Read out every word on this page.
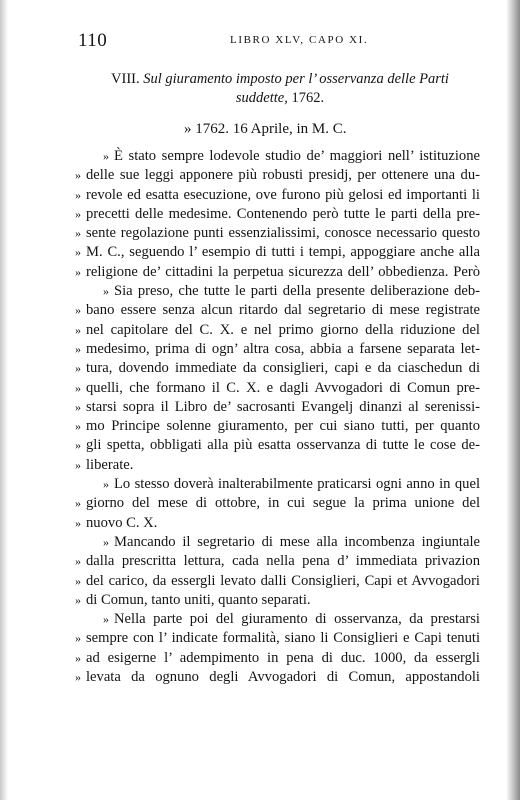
110	LIBRO XLV, CAPO XI.
VIII. Sul giuramento imposto per l’ osservanza delle Parti suddette, 1762.
» 1762. 16 Aprile, in M. C.
» È stato sempre lodevole studio de’ maggiori nell’ istituzione
» delle sue leggi apponere più robusti presidj, per ottenere una du-
» revole ed esatta esecuzione, ove furono più gelosi ed importanti li
» precetti delle medesime. Contenendo però tutte le parti della pre-
» sente regolazione punti essenzialissimi, conosce necessario questo
» M. C., seguendo l’ esempio di tutti i tempi, appoggiare anche alla
» religione de’ cittadini la perpetua sicurezza dell’ obbedienza. Però
» Sia preso, che tutte le parti della presente deliberazione deb-
» bano essere senza alcun ritardo dal segretario di mese registrate
» nel capitolare del C. X. e nel primo giorno della riduzione del
» medesimo, prima di ogn’ altra cosa, abbia a farsene separata let-
» tura, dovendo immediate da consiglieri, capi e da ciaschedun di
» quelli, che formano il C. X. e dagli Avvogadori di Comun pre-
» starsi sopra il Libro de’ sacrosanti Evangelj dinanzi al serenissi-
» mo Principe solenne giuramento, per cui siano tutti, per quanto
» gli spetta, obbligati alla più esatta osservanza di tutte le cose de-
» liberate.
» Lo stesso doverà inalterabilmente praticarsi ogni anno in quel
» giorno del mese di ottobre, in cui segue la prima unione del
» nuovo C. X.
» Mancando il segretario di mese alla incombenza ingiuntale
» dalla prescritta lettura, cada nella pena d’ immediata privazion
» del carico, da essergli levato dalli Consiglieri, Capi et Avvogadori
» di Comun, tanto uniti, quanto separati.
» Nella parte poi del giuramento di osservanza, da prestarsi
» sempre con l’ indicate formalità, siano li Consiglieri e Capi tenuti
» ad esigerne l’ adempimento in pena di duc. 1000, da essergli
» levata da ognuno degli Avvogadori di Comun, appostandoli
